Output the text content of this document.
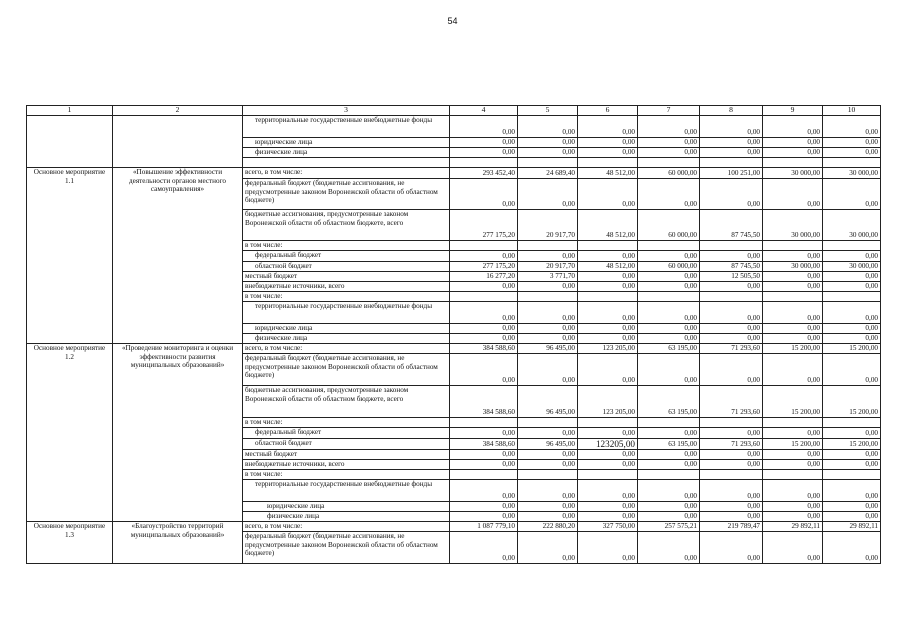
54
1	2	3	4	5	6	7	8	9	10
		территориальные государственные внебюджетные фонды	0,00	0,00	0,00	0,00	0,00	0,00	0,00
		юридические лица	0,00	0,00	0,00	0,00	0,00	0,00	0,00
		физические лица	0,00	0,00	0,00	0,00	0,00	0,00	0,00

Основное мероприятие 1.1	«Повышение эффективности деятельности органов местного самоуправления»	всего, в том числе:	293 452,40	24 689,40	48 512,00	60 000,00	100 251,00	30 000,00	30 000,00
		федеральный бюджет (бюджетные ассигнования, не предусмотренные законом Воронежской области об областном бюджете)	0,00	0,00	0,00	0,00	0,00	0,00	0,00
		бюджетные ассигнования, предусмотренные законом Воронежской области об областном бюджете, всего	277 175,20	20 917,70	48 512,00	60 000,00	87 745,50	30 000,00	30 000,00
		в том числе:							
		федеральный бюджет	0,00	0,00	0,00	0,00	0,00	0,00	0,00
		областной бюджет	277 175,20	20 917,70	48 512,00	60 000,00	87 745,50	30 000,00	30 000,00
		местный бюджет	16 277,20	3 771,70	0,00	0,00	12 505,50	0,00	0,00
		внебюджетные источники, всего	0,00	0,00	0,00	0,00	0,00	0,00	0,00
		в том числе:							
		территориальные государственные внебюджетные фонды	0,00	0,00	0,00	0,00	0,00	0,00	0,00
		юридические лица	0,00	0,00	0,00	0,00	0,00	0,00	0,00
		физические лица	0,00	0,00	0,00	0,00	0,00	0,00	0,00
Основное мероприятие 1.2	«Проведение мониторинга и оценки эффективности развития муниципальных образований»	всего, в том числе:	384 588,60	96 495,00	123 205,00	63 195,00	71 293,60	15 200,00	15 200,00
		федеральный бюджет (бюджетные ассигнования, не предусмотренные законом Воронежской области об областном бюджете)	0,00	0,00	0,00	0,00	0,00	0,00	0,00
		бюджетные ассигнования, предусмотренные законом Воронежской области об областном бюджете, всего	384 588,60	96 495,00	123 205,00	63 195,00	71 293,60	15 200,00	15 200,00
		в том числе:							
		федеральный бюджет	0,00	0,00	0,00	0,00	0,00	0,00	0,00
		областной бюджет	384 588,60	96 495,00	123205,00	63 195,00	71 293,60	15 200,00	15 200,00
		местный бюджет	0,00	0,00	0,00	0,00	0,00	0,00	0,00
		внебюджетные источники, всего	0,00	0,00	0,00	0,00	0,00	0,00	0,00
		в том числе:							
		территориальные государственные внебюджетные фонды	0,00	0,00	0,00	0,00	0,00	0,00	0,00
		юридические лица	0,00	0,00	0,00	0,00	0,00	0,00	0,00
		физические лица	0,00	0,00	0,00	0,00	0,00	0,00	0,00
Основное мероприятие 1.3	«Благоустройство территорий муниципальных образований»	всего, в том числе:	1 087 779,10	222 880,20	327 750,00	257 575,21	219 789,47	29 892,11	29 892,11
		федеральный бюджет (бюджетные ассигнования, не предусмотренные законом Воронежской области об областном бюджете)	0,00	0,00	0,00	0,00	0,00	0,00	0,00
